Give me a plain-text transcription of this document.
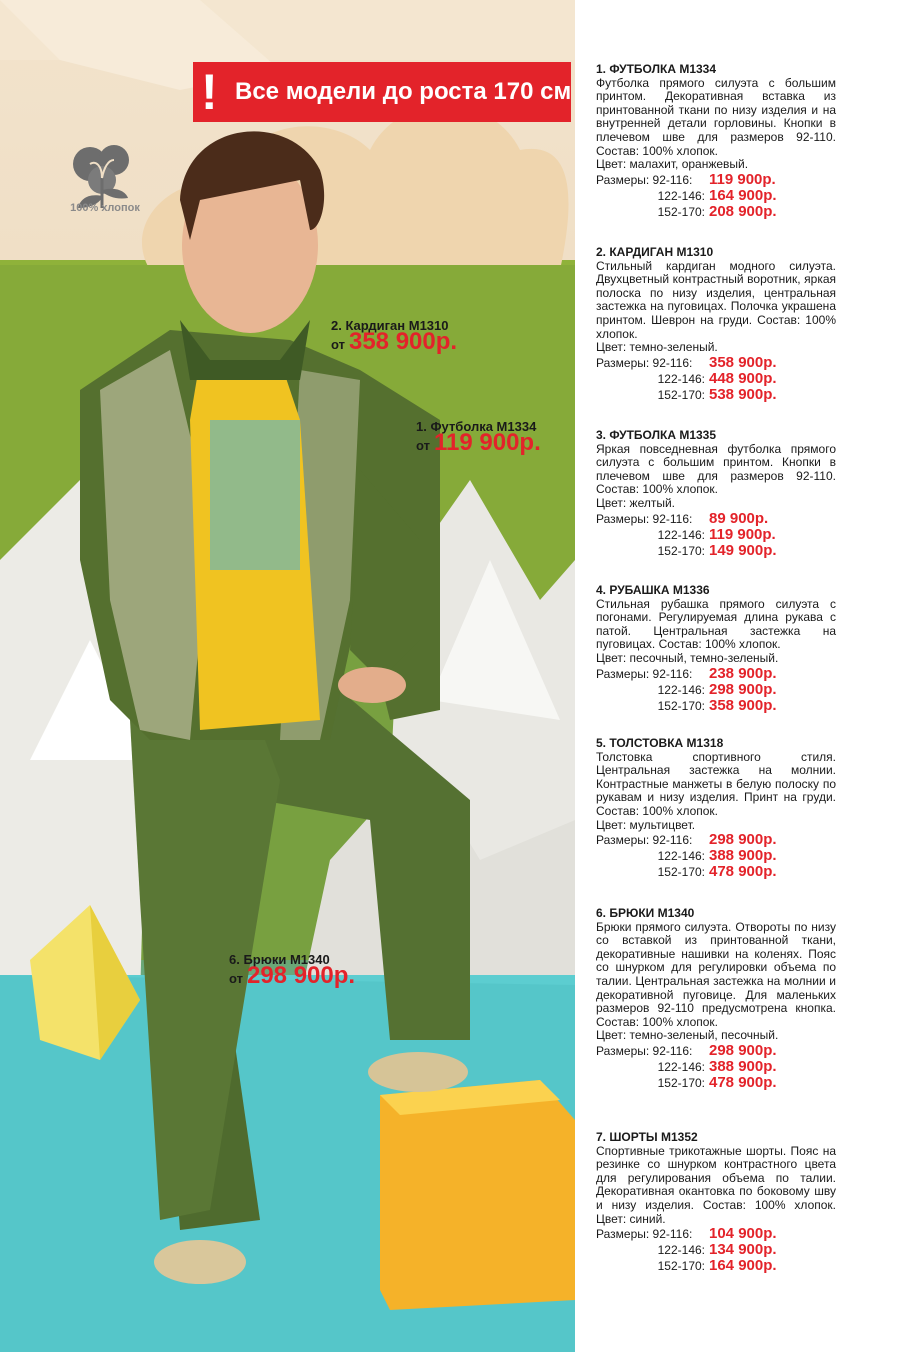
! Все модели до роста 170 см
100% хлопок
2. Кардиган М1310
от 358 900р.
1. Футболка М1334
от 119 900р.
6. Брюки М1340
от 298 900р.
1. ФУТБОЛКА М1334
Футболка прямого силуэта с большим принтом. Декоративная вставка из принтованной ткани по низу изделия и на внутренней детали горловины. Кнопки в плечевом шве для размеров 92-110. Состав: 100% хлопок.
Цвет: малахит, оранжевый.
Размеры: 92-116: 119 900р.
122-146: 164 900р.
152-170: 208 900р.
2. КАРДИГАН М1310
Стильный кардиган модного силуэта. Двухцветный контрастный воротник, яркая полоска по низу изделия, центральная застежка на пуговицах. Полочка украшена принтом. Шеврон на груди. Состав: 100% хлопок.
Цвет: темно-зеленый.
Размеры: 92-116: 358 900р.
122-146: 448 900р.
152-170: 538 900р.
3. ФУТБОЛКА М1335
Яркая повседневная футболка прямого силуэта с большим принтом. Кнопки в плечевом шве для размеров 92-110. Состав: 100% хлопок.
Цвет: желтый.
Размеры: 92-116: 89 900р.
122-146: 119 900р.
152-170: 149 900р.
4. РУБАШКА М1336
Стильная рубашка прямого силуэта с погонами. Регулируемая длина рукава с патой. Центральная застежка на пуговицах. Состав: 100% хлопок.
Цвет: песочный, темно-зеленый.
Размеры: 92-116: 238 900р.
122-146: 298 900р.
152-170: 358 900р.
5. ТОЛСТОВКА М1318
Толстовка спортивного стиля. Центральная застежка на молнии. Контрастные манжеты в белую полоску по рукавам и низу изделия. Принт на груди. Состав: 100% хлопок.
Цвет: мультицвет.
Размеры: 92-116: 298 900р.
122-146: 388 900р.
152-170: 478 900р.
6. БРЮКИ М1340
Брюки прямого силуэта. Отвороты по низу со вставкой из принтованной ткани, декоративные нашивки на коленях. Пояс со шнурком для регулировки объема по талии. Центральная застежка на молнии и декоративной пуговице. Для маленьких размеров 92-110 предусмотрена кнопка. Состав: 100% хлопок.
Цвет: темно-зеленый, песочный.
Размеры: 92-116: 298 900р.
122-146: 388 900р.
152-170: 478 900р.
7. ШОРТЫ М1352
Спортивные трикотажные шорты. Пояс на резинке со шнурком контрастного цвета для регулирования объема по талии. Декоративная окантовка по боковому шву и низу изделия. Состав: 100% хлопок. Цвет: синий.
Размеры: 92-116: 104 900р.
122-146: 134 900р.
152-170: 164 900р.
